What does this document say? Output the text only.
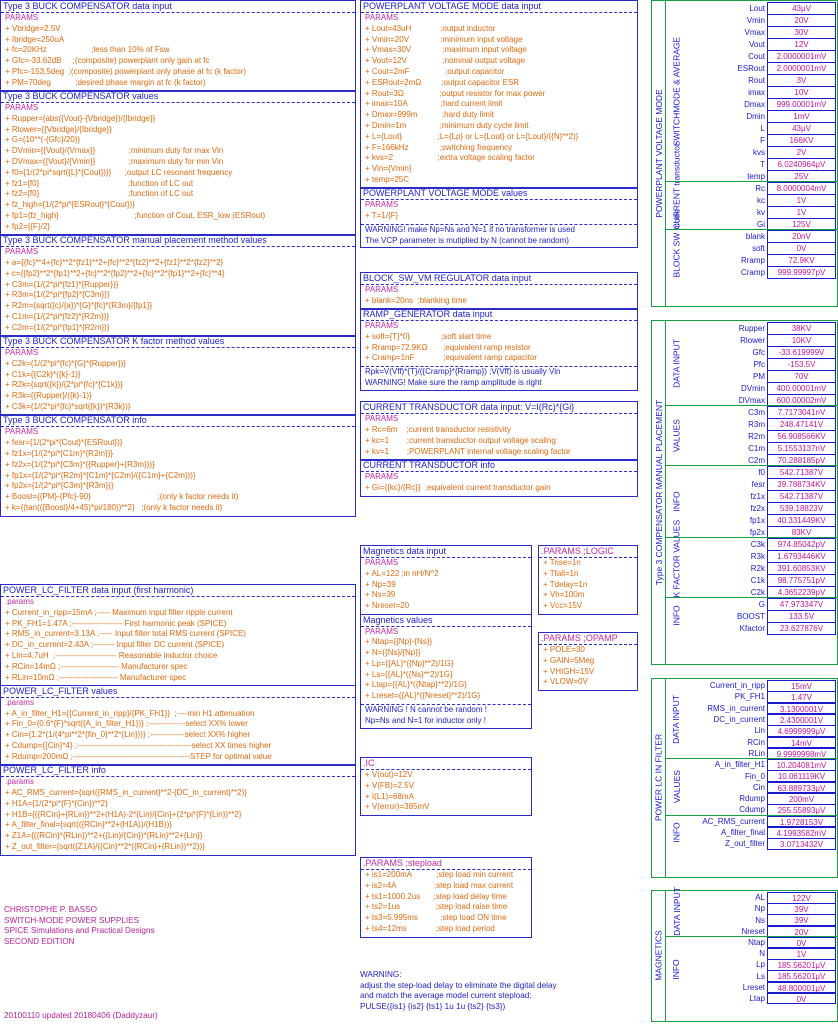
Type 3 BUCK COMPENSATOR data input
PARAMS
+ Vbridge=2.5V
+ Ibridge=250uA
+ fc=20KHz                    ;less than 10% of Fsw
+ Gfc=-33.62dB     ;(composite) powerplant only gain at fc
+ Pfc=-153.5deg  ;(composite) powerplant only phase at fc (k factor)
+ PM=70deg           ;desired phase margin at fc (k factor)
Type 3 BUCK COMPENSATOR values
PARAMS
+ Rupper={abs({Vout}-{Vbridge})/{Ibridge}}
+ Rlower={{Vbridge}/{Ibridge}}
+ G={10**(-{Gfc}/20)}
+ DVmin={{Vout}/{Vmax}}               ;minimum duty for max Vin
+ DVmax={{Vout}/{Vmin}}               ;maximum duty for min Vin
+ f0={1/(2*pi*sqrt({L}*{Cout}))}      ;output LC resonant frequency
+ fz1={f0}                                        ;function of LC out
+ fz2={f0}                                        ;function of LC out
+ fz_high={1/(2*pi*{ESRout}*{Cout})}
+ fp1={fz_high}                                  ;function of Cout, ESR_low (ESRout)
+ fp2={{F}/2}
Type 3 BUCK COMPENSATOR manual placement method values
PARAMS
+ a={{fc}**4+{fc}**2*{fz1}**2+{fc}**2*{fz2}**2+{fz1}**2*{fz2}**2}
+ c={{fp2}**2*{fp1}**2+{fc}**2*{fp2}**2+{fc}**2*{fp1}**2+{fc}**4}
+ C3m={1/(2*pi*{fz1}*{Rupper})}
+ R3m={1/(2*pi*{fp2}*{C3m})}
+ R2m={sqrt({c}/{a})*{G}*{fc}*{R3m}/{fp1}}
+ C1m={1/(2*pi*{fz2}*{R2m})}
+ C2m={1/(2*pi*{fp1}*{R2m})}
Type 3 BUCK COMPENSATOR K factor method values
PARAMS
+ C2k={1/(2*pi*{fc}*{G}*{Rupper})}
+ C1k={{C2k}*({k}-1)}
+ R2k={sqrt({k})/(2*pi*{fc}*{C1k})}
+ R3k={{Rupper}/({k}-1)}
+ C3k={1/(2*pi*{fc}*sqrt({k})*{R3k})}
Type 3 BUCK COMPENSATOR info
PARAMS
+ fesr={1/(2*pi*{Cout}*{ESRout})}
+ fz1x={1/(2*pi*{C1m}*{R2m})}
+ fz2x={1/(2*pi*{C3m}*({Rupper}+{R3m}))}
+ fp1x={1/(2*pi*{R2m}*{C1m}*{C2m}/({C1m}+{C2m}))}
+ fp2x={1/(2*pi*{C3m}*{R3m})}
+ Boost={{PM}-{Pfc}-90}                              ;(only k factor needs it)
+ k={(tan(({Boost}/4+45)*pi/180))**2}   ;(only k factor needs it)
POWER_LC_FILTER data input (first harmonic)
.params
+ Current_in_ripp=15mA ;----- Maximum input filter ripple current
+ PK_FH1=1.47A ;------------------- First harmonic peak (SPICE)
+ RMS_in_current=3.13A ;----- Input filter total RMS current (SPICE)
+ DC_in_current=2.43A ;-------- Input filter DC current (SPICE)
+ Lin=4.7uH  ;----------------------- Reasonable inductor choice
+ RCin=14mΩ ;---------------------- Manufacturer spec
+ RLin=10mΩ ;---------------------- Manufacturer spec
POWER_LC_FILTER values
.params
+ A_in_filter_H1={{Current_in_ripp}/{PK_FH1}}  ;----min H1 attenuation
+ Fin_0={0.6*{F}*sqrt({A_in_filter_H1})} ;--------------select XX% lower
+ Cin={1.2*(1/(4*pi**2*{fin_0}**2*{Lin}))} ;-------------select XX% higher
+ Cdump={{Cin}*4} ;-------------------------------------------select XX times higher
+ Rdump=200mΩ ;--------------------------------------------STEP for optimal value
POWER_LC_FILTER info
.params
+ AC_RMS_current={sqrt({RMS_in_current}**2-{DC_in_current}**2)}
+ H1A={1/(2*pi*{F}*{Cin})**2}
+ H1B={({RCin}+{RLin})**2+(H1A)-2*{Lin}/{Cin}+(2*pi*{F}*{Lin})**2}
+ A_filter_final={sqrt(({RCin}**2+(H1A))/(H1B))}
+ Z1A={({RCin}*{RLin})**2+({Lin}/{Cin})*{RLin}**2+{Lin}}
+ Z_out_filter={sqrt({Z1A}/({Cin}**2*({RCin}+{RLin})**2))}
POWERPLANT VOLTAGE MODE data input
PARAMS
+ Lout=43uH             ;output inductor
+ Vmin=20V              ;minimum input voltage
+ Vmax=30V              ;maximum input voltage
+ Vout=12V                ;nominal output voltage
+ Cout=2mF                ;output capacitor
+ ESRout=2mΩ         ;output capacitor ESR
+ Rout=3Ω                ;output resistor for max power
+ imax=10A               ;hard current limit
+ Dmax=999m           ;hard duty limit
+ Dmin=1m               ;minimum duty cycle limit
+ L={Lout}                ;L={Lp} or L={Lout} or L={Lout}/({N}**2)}
+ F=166kHz              ;switching frequency
+ kvs=2                    ;extra voltage scaling factor
+ Vin={Vmin}
+ temp=25C
POWERPLANT VOLTAGE MODE values
PARAMS
+ T=1/{F}
WARNING! make Np=Ns and N=1 if no transformer is used
The VCP parameter is mutiplied by N (cannot be random)
BLOCK_SW_VM REGULATOR data input
PARAMS
+ blank=20ns  ;blanking time
RAMP_GENERATOR data input
PARAMS
+ soft={T}*0}              ;soft start time
+ Rramp=72.9KΩ       ;equivalent ramp resistor
+ Cramp=1nF             ;equivalent ramp capacitor
Rpk=V(Vff)*{T}/({Cramp}*{Rramp}) ;V(Vff) is usually Vin
WARNING! Make sure the ramp amplitude is right
CURRENT TRANSDUCTOR data input: V=I(Rc)*{Gi}
PARAMS
+ Rc=6m    ;current transductor resistivity
+ kc=1        ;current transductor output voltage scaling
+ kv=1        ;POWERPLANT internal voltage scaling factor
CURRENT TRANSDUCTOR info
PARAMS
+ Gi={{kc}/{Rc}}  ;equivalent current transductor gain
Magnetics data input
PARAMS
+ AL=122 ;in nH/N^2
+ Np=39
+ Ns=39
+ Nreset=20
Magnetics values
PARAMS
+ Ntap={{Np}-{Ns}}
+ N={{Ns}/{Np}}
+ Lp={{AL}*({Np}**2)/1G}
+ Ls={{AL}*({Ns}**2)/1G}
+ Ltap={{AL}*({Ntap}**2)/1G}
+ Lreset={{AL}*({Nreset}**2)/1G}
WARNING ! N cannot be random !
Np=Ns and N=1 for inductor only !
.PARAMS ;LOGIC
+ Trise=1n
+ Tfall=1n
+ Tdelay=1n
+ Vh=100m
+ Vcc=15V
.PARAMS ;OPAMP
+ POLE=30
+ GAIN=5Meg
+ VHIGH=15V
+ VLOW=0V
.IC
+ V(out)=12V
+ V(FB)=2.5V
+ I(L1)=68mA
+ V(error)=385mV
.PARAMS ;stepload
+ is1=200mA           ;step load min current
+ is2=4A                 ;step load max current
+ ts1=1000.2us      ;step load delay time
+ ts2=1us                ;step load raise time
+ ts3=5.995ms          ;step load ON time
+ ts4=12ms             ;step load period
WARNING:
adjust the step-load delay to eliminate the digital delay
and match the average model current stepload:
PULSE({is1} {is2} {ts1} 1u 1u {ts2} {ts3})
CHRISTOPHE P. BASSO
SWITCH-MODE POWER SUPPLIES
SPICE Simulations and Practical Designs
SECOND EDITION
20100110 updated 20180406 (Daddyzaur)
POWERPLANT VOLTAGE MODE SWITCHMODE & AVERAGE
Lout	43μV
Vmin	20V
Vmax	30V
Vout	12V
Cout	2.0000001mV
ESRout	2.0000001mV
Rout	3V
imax	10V
Dmax	999.00001mV
Dmin	1mV
L	43μV
F	166KV
kvs	2V
T	6.0240964μV
temp	25V
CURRENT transductor	Rc	8.0000004mV
kc	1V
kv	1V
Gi	125V
BLOCK SW mode	blank	20nV
soft	0V
Rramp	72.9KV
Cramp	999.99997pV
Type 3 COMPENSATOR MANUAL PLACEMENT
DATA INPUT
Rupper	38KV
Rlower	10KV
Gfc	-33.619999V
Pfc	-153.5V
PM	70V
DVmin	400.00001mV
DVmax	600.00002mV
VALUES
C3m	7.7173041nV
R3m	248.47141V
R2m	56.908566KV
C1m	5.1553137nV
C2m	70.288185pV
INFO
f0	542.71387V
fesr	39.788734KV
fz1x	542.71387V
fz2x	539.18823V
fp1x	40.331449KV
fp2x	83KV
K FACTOR VALUES	C3k	974.85042pV
R3k	1.6793446KV
R2k	391.60853KV
C1k	98.775751pV
C2k	4.3652239pV
INFO
G	47.973347V
BOOST	133.5V
Kfactor	23.627876V
POWER LC IN FILTER
DATA INPUT
Current_in_ripp	15mV
PK_FH1	1.47V
RMS_in_current	3.1300001V
DC_in_current	2.4300001V
Lin	4.6999999μV
RCin	14mV
RLin	9.9999998mV
VALUES
A_in_filter_H1	10.204081mV
Fin_0	10.061119KV
Cin	63.889733μV
Rdump	200mV
Cdump	255.55893μV
INFO
AC_RMS_current	1.9728153V
A_filter_final	4.1993582mV
Z_out_filter	3.0713432V
MAGNETICS
DATA INPUT	AL	122V
Np	39V
Ns	39V
Nreset	20V
INFO
Ntap	0V
N	1V
Lp	185.56201μV
Ls	185.56201μV
Lreset	48.800001μV
Ltap	0V
